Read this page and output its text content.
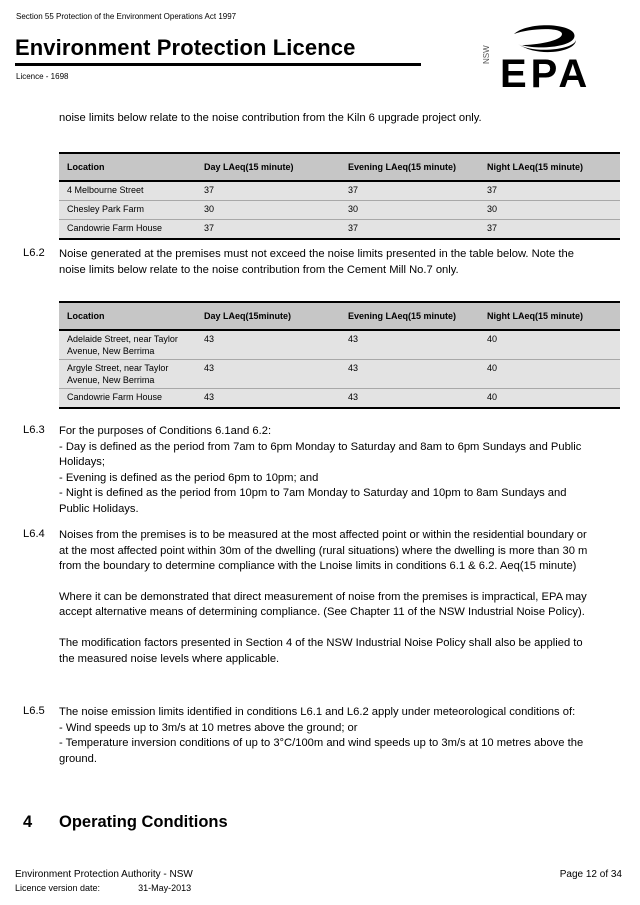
Section 55 Protection of the Environment Operations Act 1997
Environment Protection Licence
Licence - 1698
NSW EPA
noise limits below relate to the noise contribution from the Kiln 6 upgrade project only.
Location	Day LAeq(15 minute)	Evening LAeq(15 minute)	Night LAeq(15 minute)
4 Melbourne Street	37	37	37
Chesley Park Farm	30	30	30
Candowrie Farm House	37	37	37
L6.2 Noise generated at the premises must not exceed the noise limits presented in the table below. Note the noise limits below relate to the noise contribution from the Cement Mill No.7 only.

Location	Day LAeq(15minute)	Evening LAeq(15 minute)	Night LAeq(15 minute)
Adelaide Street, near Taylor Avenue, New Berrima	43	43	40
Argyle Street, near Taylor Avenue, New Berrima	43	43	40
Candowrie Farm House	43	43	40
L6.3 For the purposes of Conditions 6.1and 6.2:

- Day is defined as the period from 7am to 6pm Monday to Saturday and 8am to 6pm Sundays and Public Holidays;

- Evening is defined as the period 6pm to 10pm; and

- Night is defined as the period from 10pm to 7am Monday to Saturday and 10pm to 8am Sundays and Public Holidays.

L6.4 Noises from the premises is to be measured at the most affected point or within the residential boundary or at the most affected point within 30m of the dwelling (rural situations) where the dwelling is more than 30 m from the boundary to determine compliance with the Lnoise limits in conditions 6.1 & 6.2. Aeq(15 minute)

Where it can be demonstrated that direct measurement of noise from the premises is impractical, EPA may accept alternative means of determining compliance. (See Chapter 11 of the NSW Industrial Noise Policy).

The modification factors presented in Section 4 of the NSW Industrial Noise Policy shall also be applied to the measured noise levels where applicable.

L6.5 The noise emission limits identified in conditions L6.1 and L6.2 apply under meteorological conditions of:

- Wind speeds up to 3m/s at 10 metres above the ground; or

- Temperature inversion conditions of up to 3°C/100m and wind speeds up to 3m/s at 10 metres above the ground.

4 Operating Conditions
Environment Protection Authority - NSW
Licence version date:	31-May-2013
Page 12 of 34
